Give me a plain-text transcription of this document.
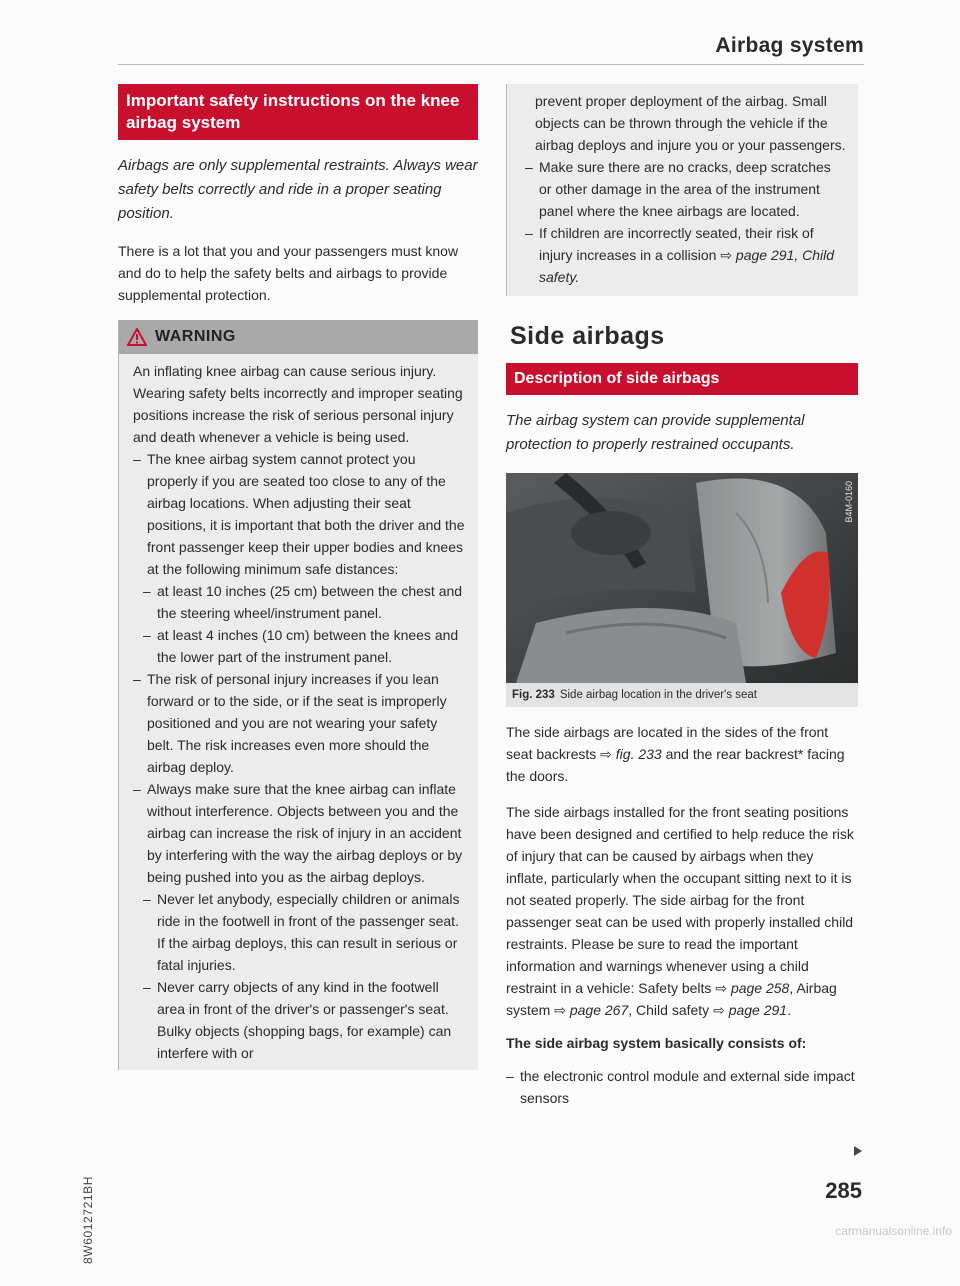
Airbag system
Important safety instructions on the knee airbag system

Airbags are only supplemental restraints. Always wear safety belts correctly and ride in a proper seating position.

There is a lot that you and your passengers must know and do to help the safety belts and airbags to provide supplemental protection.

WARNING
An inflating knee airbag can cause serious injury. Wearing safety belts incorrectly and improper seating positions increase the risk of serious personal injury and death whenever a vehicle is being used.
– The knee airbag system cannot protect you properly if you are seated too close to any of the airbag locations. When adjusting their seat positions, it is important that both the driver and the front passenger keep their upper bodies and knees at the following minimum safe distances:
– at least 10 inches (25 cm) between the chest and the steering wheel/instrument panel.
– at least 4 inches (10 cm) between the knees and the lower part of the instrument panel.
– The risk of personal injury increases if you lean forward or to the side, or if the seat is improperly positioned and you are not wearing your safety belt. The risk increases even more should the airbag deploy.
– Always make sure that the knee airbag can inflate without interference. Objects between you and the airbag can increase the risk of injury in an accident by interfering with the way the airbag deploys or by being pushed into you as the airbag deploys.
– Never let anybody, especially children or animals ride in the footwell in front of the passenger seat. If the airbag deploys, this can result in serious or fatal injuries.
– Never carry objects of any kind in the footwell area in front of the driver's or passenger's seat. Bulky objects (shopping bags, for example) can interfere with or
prevent proper deployment of the airbag. Small objects can be thrown through the vehicle if the airbag deploys and injure you or your passengers.
– Make sure there are no cracks, deep scratches or other damage in the area of the instrument panel where the knee airbags are located.
– If children are incorrectly seated, their risk of injury increases in a collision ⇨ page 291, Child safety.
Side airbags
Description of side airbags

The airbag system can provide supplemental protection to properly restrained occupants.

B4M-0160
Fig. 233 Side airbag location in the driver's seat

The side airbags are located in the sides of the front seat backrests ⇨ fig. 233 and the rear backrest* facing the doors.

The side airbags installed for the front seating positions have been designed and certified to help reduce the risk of injury that can be caused by airbags when they inflate, particularly when the occupant sitting next to it is not seated properly. The side airbag for the front passenger seat can be used with properly installed child restraints. Please be sure to read the important information and warnings whenever using a child restraint in a vehicle: Safety belts ⇨ page 258, Airbag system ⇨ page 267, Child safety ⇨ page 291.

The side airbag system basically consists of:
– the electronic control module and external side impact sensors
285
8W6012721BH	carmanualsonline.info
